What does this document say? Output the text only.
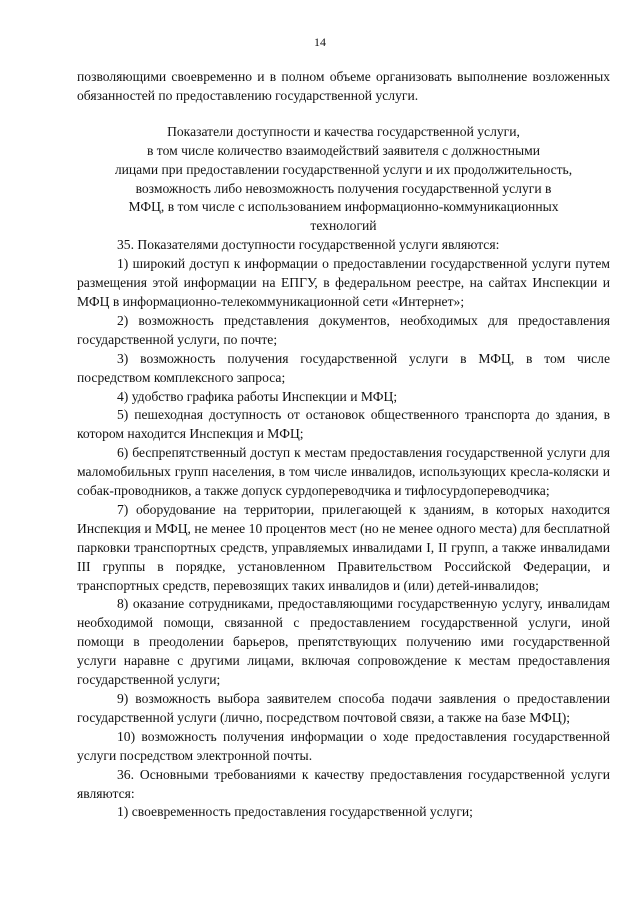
14

позволяющими своевременно и в полном объеме организовать выполнение возложенных обязанностей по предоставлению государственной услуги.

Показатели доступности и качества государственной услуги,
в том числе количество взаимодействий заявителя с должностными
лицами при предоставлении государственной услуги и их продолжительность,
возможность либо невозможность получения государственной услуги в
МФЦ, в том числе с использованием информационно-коммуникационных
технологий

35. Показателями доступности государственной услуги являются:

1) широкий доступ к информации о предоставлении государственной услуги путем размещения этой информации на ЕПГУ, в федеральном реестре, на сайтах Инспекции и МФЦ в информационно-телекоммуникационной сети «Интернет»;

2) возможность представления документов, необходимых для предоставления государственной услуги, по почте;

3) возможность получения государственной услуги в МФЦ, в том числе посредством комплексного запроса;

4) удобство графика работы Инспекции и МФЦ;

5) пешеходная доступность от остановок общественного транспорта до здания, в котором находится Инспекция и МФЦ;

6) беспрепятственный доступ к местам предоставления государственной услуги для маломобильных групп населения, в том числе инвалидов, использующих кресла-коляски и собак-проводников, а также допуск сурдопереводчика и тифлосурдопереводчика;

7) оборудование на территории, прилегающей к зданиям, в которых находится Инспекция и МФЦ, не менее 10 процентов мест (но не менее одного места) для бесплатной парковки транспортных средств, управляемых инвалидами I, II групп, а также инвалидами III группы в порядке, установленном Правительством Российской Федерации, и транспортных средств, перевозящих таких инвалидов и (или) детей-инвалидов;

8) оказание сотрудниками, предоставляющими государственную услугу, инвалидам необходимой помощи, связанной с предоставлением государственной услуги, иной помощи в преодолении барьеров, препятствующих получению ими государственной услуги наравне с другими лицами, включая сопровождение к местам предоставления государственной услуги;

9) возможность выбора заявителем способа подачи заявления о предоставлении государственной услуги (лично, посредством почтовой связи, а также на базе МФЦ);

10) возможность получения информации о ходе предоставления государственной услуги посредством электронной почты.

36. Основными требованиями к качеству предоставления государственной услуги являются:

1) своевременность предоставления государственной услуги;
